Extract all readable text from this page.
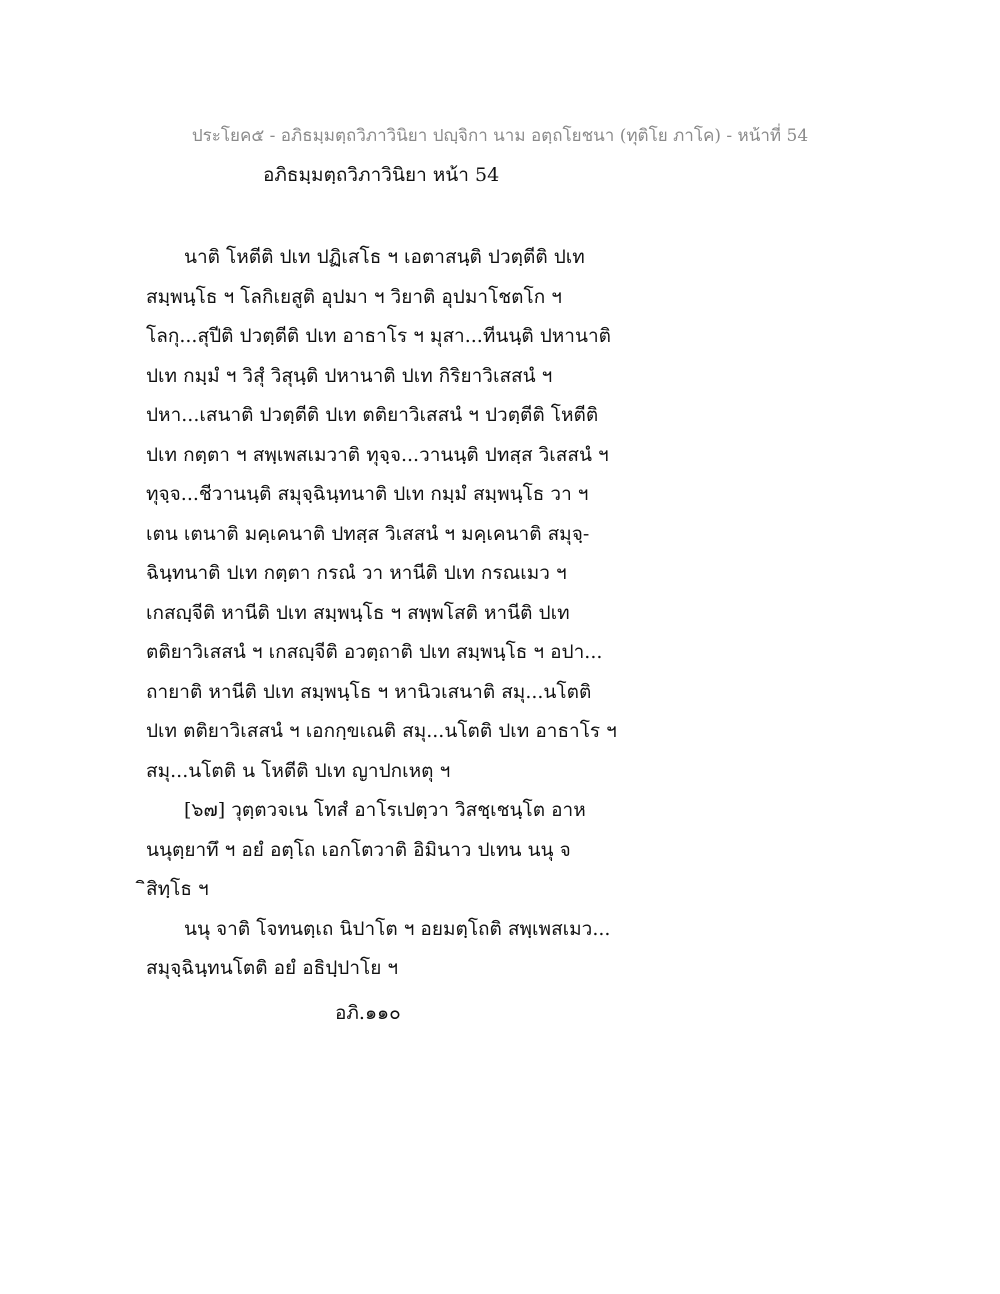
ประโยค๕ - อภิธมฺมตฺถวิภาวินิยา ปญฺจิกา นาม อตฺถโยชนา (ทุติโย ภาโค) - หน้าที่ 54
อภิธมฺมตฺถวิภาวินิยา หน้า 54
นาติ โหตีติ ปเท ปฏิเสโธ ฯ เอตาสนฺติ ปวตฺตีติ ปเท
สมฺพนฺโธ ฯ โลกิเยสูติ อุปมา ฯ วิยาติ อุปมาโชตโก ฯ
โลกุ...สุปีติ ปวตฺตีติ ปเท อาธาโร ฯ มุสา...ทีนนฺติ ปหานาติ
ปเท กมฺมํ ฯ วิสุํ วิสุนฺติ ปหานาติ ปเท กิริยาวิเสสนํ ฯ
ปหา...เสนาติ ปวตฺตีติ ปเท ตติยาวิเสสนํ ฯ ปวตฺตีติ โหตีติ
ปเท กตฺตา ฯ สพฺเพสเมวาติ ทุจฺจ...วานนฺติ ปทสฺส วิเสสนํ ฯ
ทุจฺจ...ชีวานนฺติ สมุจฺฉินฺทนาติ ปเท กมฺมํ สมฺพนฺโธ วา ฯ
เตน เตนาติ มคฺเคนาติ ปทสฺส วิเสสนํ ฯ มคฺเคนาติ สมุจฺ-
ฉินฺทนาติ ปเท กตฺตา กรณํ วา หานีติ ปเท กรณเมว ฯ
เกสญฺจีติ หานีติ ปเท สมฺพนฺโธ ฯ สพฺพโสติ หานีติ ปเท
ตติยาวิเสสนํ ฯ เกสญฺจีติ อวตฺถาติ ปเท สมฺพนฺโธ ฯ อปา...
ถายาติ หานีติ ปเท สมฺพนฺโธ ฯ หานิวเสนาติ สมุ...นโตติ
ปเท ตติยาวิเสสนํ ฯ เอกกฺขเณติ สมุ...นโตติ ปเท อาธาโร ฯ
สมุ...นโตติ น โหตีติ ปเท ญาปกเหตุ ฯ
[๖๗] วุตฺตวจเน โทสํ อาโรเปตฺวา วิสชฺเชนฺโต อาห
นนุตฺยาทึ ฯ อยํ อตฺโถ เอกโตวาติ อิมินาว ปเทน นนุ จ
ิสิทฺโธ ฯ
นนุ จาติ โจทนตฺเถ นิปาโต ฯ อยมตฺโถติ สพฺเพสเมว...
สมุจฺฉินฺทนโตติ อยํ อธิปฺปาโย ฯ
อภิ.๑๑๐
